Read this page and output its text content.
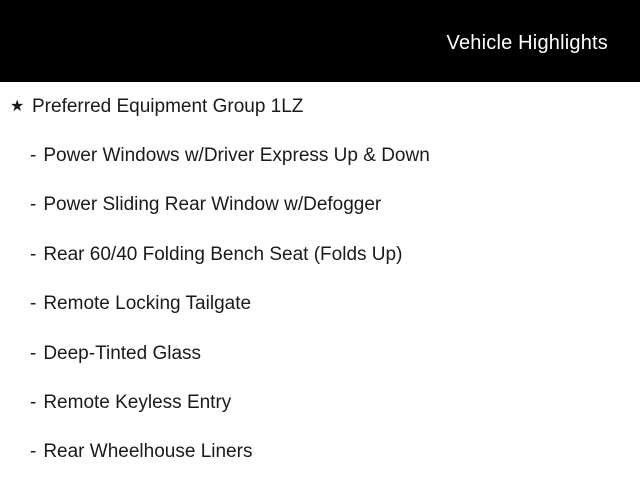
Vehicle Highlights
★ Preferred Equipment Group 1LZ
- Power Windows w/Driver Express Up & Down
- Power Sliding Rear Window w/Defogger
- Rear 60/40 Folding Bench Seat (Folds Up)
- Remote Locking Tailgate
- Deep-Tinted Glass
- Remote Keyless Entry
- Rear Wheelhouse Liners
